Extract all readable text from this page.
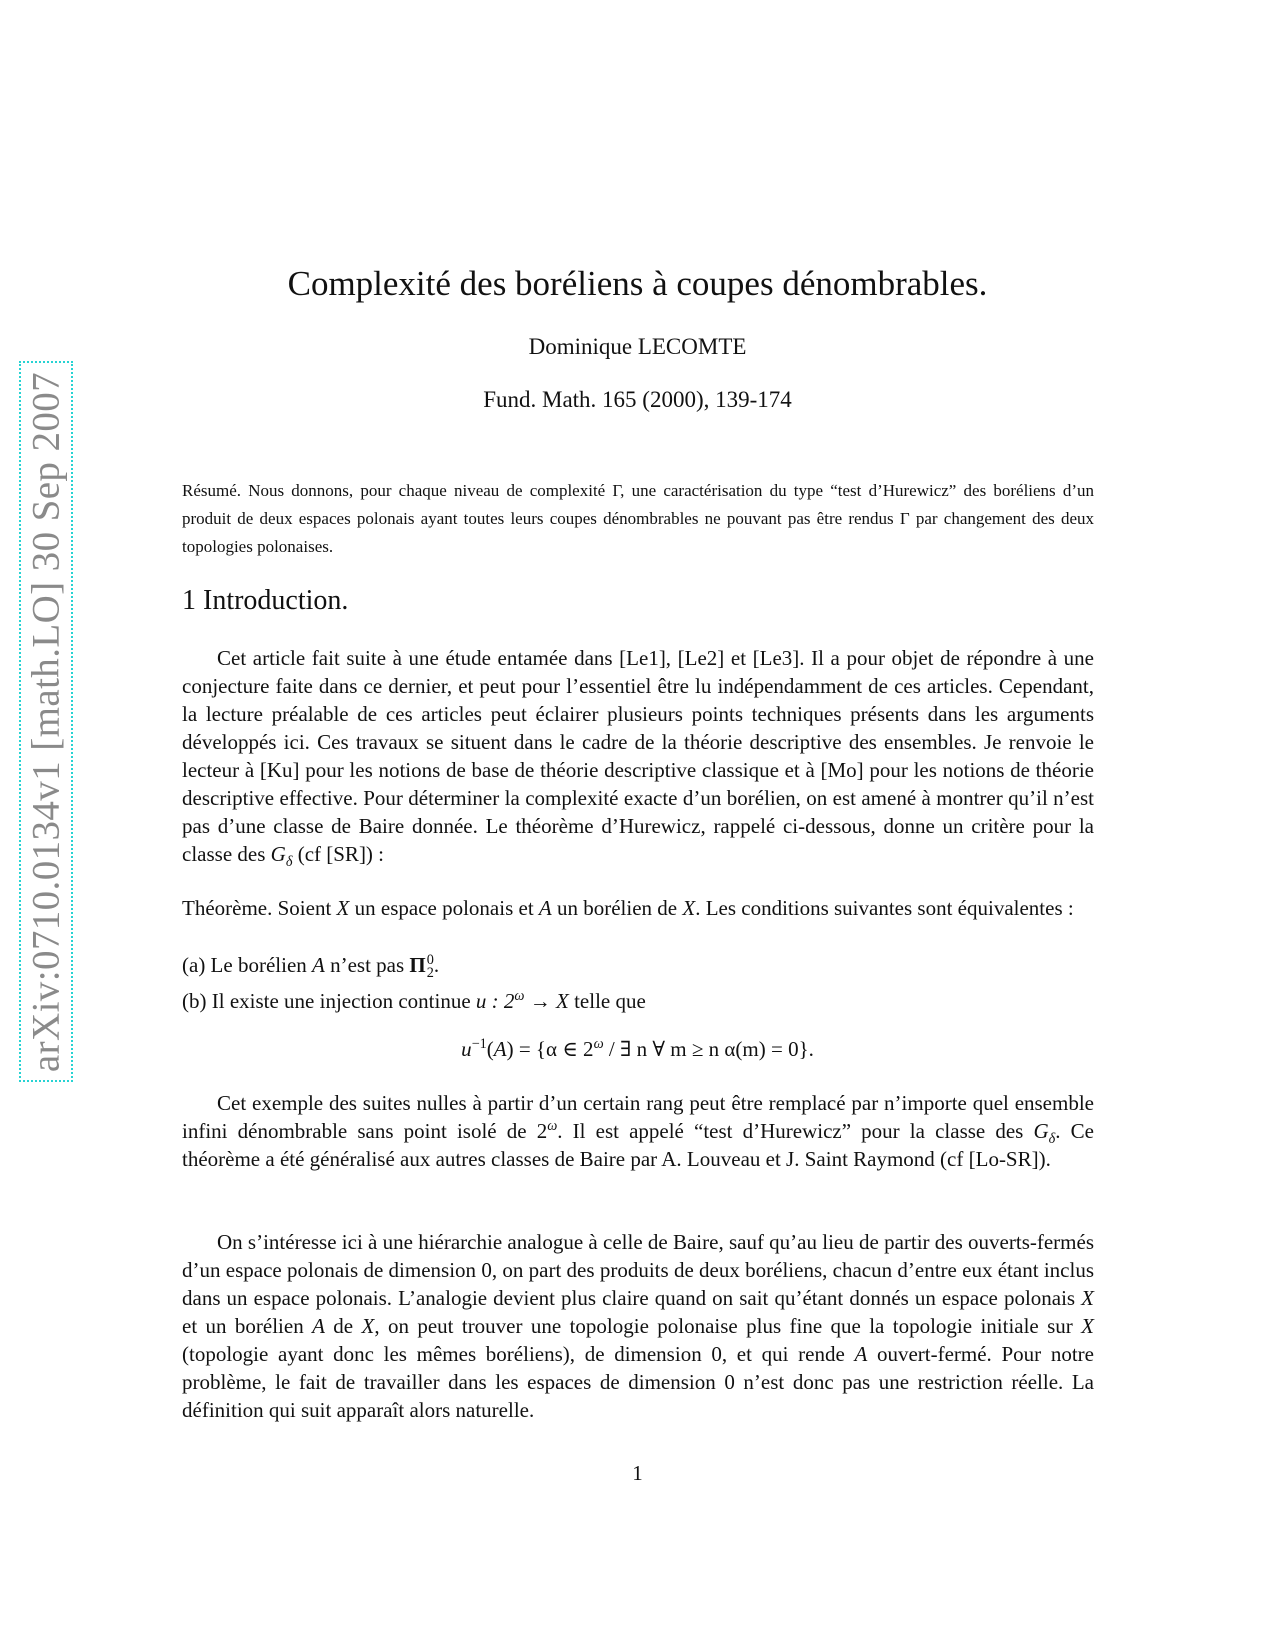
arXiv:0710.0134v1 [math.LO] 30 Sep 2007
Complexité des boréliens à coupes dénombrables.
Dominique LECOMTE
Fund. Math. 165 (2000), 139-174
Résumé. Nous donnons, pour chaque niveau de complexité Γ, une caractérisation du type “test d’Hurewicz” des boréliens d’un produit de deux espaces polonais ayant toutes leurs coupes dénombrables ne pouvant pas être rendus Γ par changement des deux topologies polonaises.
1 Introduction.
Cet article fait suite à une étude entamée dans [Le1], [Le2] et [Le3]. Il a pour objet de répondre à une conjecture faite dans ce dernier, et peut pour l’essentiel être lu indépendamment de ces articles. Cependant, la lecture préalable de ces articles peut éclairer plusieurs points techniques présents dans les arguments développés ici. Ces travaux se situent dans le cadre de la théorie descriptive des ensembles. Je renvoie le lecteur à [Ku] pour les notions de base de théorie descriptive classique et à [Mo] pour les notions de théorie descriptive effective. Pour déterminer la complexité exacte d’un borélien, on est amené à montrer qu’il n’est pas d’une classe de Baire donnée. Le théorème d’Hurewicz, rappelé ci-dessous, donne un critère pour la classe des $G_\delta$ (cf [SR]) :
Théorème. Soient X un espace polonais et A un borélien de X. Les conditions suivantes sont équivalentes :
(a) Le borélien A n’est pas Π 0
2 .
(b) Il existe une injection continue u : $2^\omega \to X$ telle que
$u^{-1}(A) = \{\alpha$ ∈ $2^\omega$ / ∃ n ∀ m ≥ n α(m) = 0}.
Cet exemple des suites nulles à partir d’un certain rang peut être remplacé par n’importe quel ensemble infini dénombrable sans point isolé de $2^\omega$. Il est appelé “test d’Hurewicz” pour la classe des $G_\delta$. Ce théorème a été généralisé aux autres classes de Baire par A. Louveau et J. Saint Raymond (cf [Lo-SR]).
On s’intéresse ici à une hiérarchie analogue à celle de Baire, sauf qu’au lieu de partir des ouverts-fermés d’un espace polonais de dimension 0, on part des produits de deux boréliens, chacun d’entre eux étant inclus dans un espace polonais. L’analogie devient plus claire quand on sait qu’étant donnés un espace polonais X et un borélien A de X, on peut trouver une topologie polonaise plus fine que la topologie initiale sur X (topologie ayant donc les mêmes boréliens), de dimension 0, et qui rende A ouvert-fermé. Pour notre problème, le fait de travailler dans les espaces de dimension 0 n’est donc pas une restriction réelle. La définition qui suit apparaît alors naturelle.
1
